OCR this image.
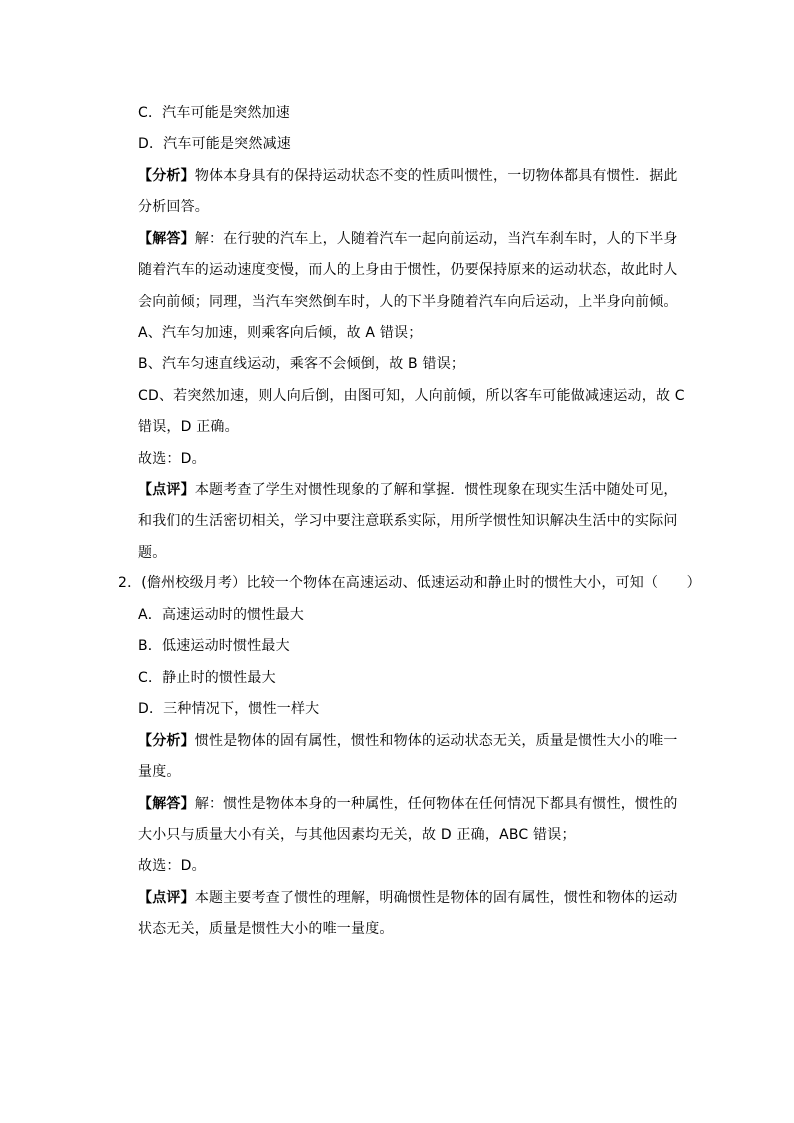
C．汽车可能是突然加速
D．汽车可能是突然减速
【分析】物体本身具有的保持运动状态不变的性质叫惯性，一切物体都具有惯性．据此
分析回答。
【解答】解：在行驶的汽车上，人随着汽车一起向前运动，当汽车刹车时，人的下半身
随着汽车的运动速度变慢，而人的上身由于惯性，仍要保持原来的运动状态，故此时人
会向前倾；同理，当汽车突然倒车时，人的下半身随着汽车向后运动，上半身向前倾。
A、汽车匀加速，则乘客向后倾，故 A 错误；
B、汽车匀速直线运动，乘客不会倾倒，故 B 错误；
CD、若突然加速，则人向后倒，由图可知，人向前倾，所以客车可能做减速运动，故 C
错误，D 正确。
故选：D。
【点评】本题考查了学生对惯性现象的了解和掌握．惯性现象在现实生活中随处可见，
和我们的生活密切相关，学习中要注意联系实际，用所学惯性知识解决生活中的实际问
题。
2．(儋州校级月考）比较一个物体在高速运动、低速运动和静止时的惯性大小，可知（　　）
A．高速运动时的惯性最大
B．低速运动时惯性最大
C．静止时的惯性最大
D．三种情况下，惯性一样大
【分析】惯性是物体的固有属性，惯性和物体的运动状态无关，质量是惯性大小的唯一
量度。
【解答】解：惯性是物体本身的一种属性，任何物体在任何情况下都具有惯性，惯性的
大小只与质量大小有关，与其他因素均无关，故 D 正确，ABC 错误；
故选：D。
【点评】本题主要考查了惯性的理解，明确惯性是物体的固有属性，惯性和物体的运动
状态无关，质量是惯性大小的唯一量度。
